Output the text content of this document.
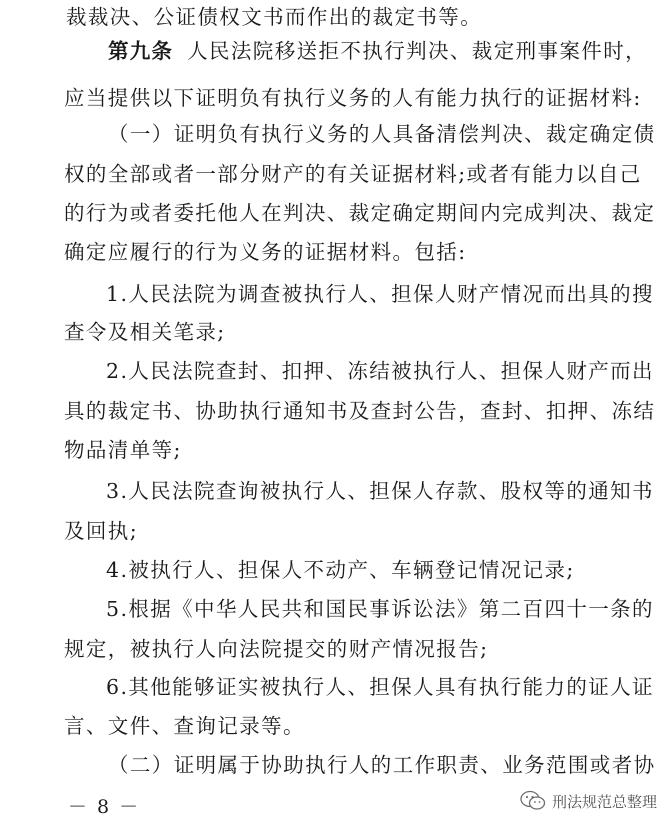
裁裁决、公证债权文书而作出的裁定书等。
第九条 人民法院移送拒不执行判决、裁定刑事案件时，
应当提供以下证明负有执行义务的人有能力执行的证据材料:
（一）证明负有执行义务的人具备清偿判决、裁定确定债
权的全部或者一部分财产的有关证据材料;或者有能力以自己
的行为或者委托他人在判决、裁定确定期间内完成判决、裁定
确定应履行的行为义务的证据材料。包括:
1.人民法院为调查被执行人、担保人财产情况而出具的搜
查令及相关笔录;
2.人民法院查封、扣押、冻结被执行人、担保人财产而出
具的裁定书、协助执行通知书及查封公告，查封、扣押、冻结
物品清单等;
3.人民法院查询被执行人、担保人存款、股权等的通知书
及回执;
4.被执行人、担保人不动产、车辆登记情况记录;
5.根据《中华人民共和国民事诉讼法》第二百四十一条的
规定，被执行人向法院提交的财产情况报告;
6.其他能够证实被执行人、担保人具有执行能力的证人证
言、文件、查询记录等。
（二）证明属于协助执行人的工作职责、业务范围或者协
－ 8 －	刑法规范总整理
